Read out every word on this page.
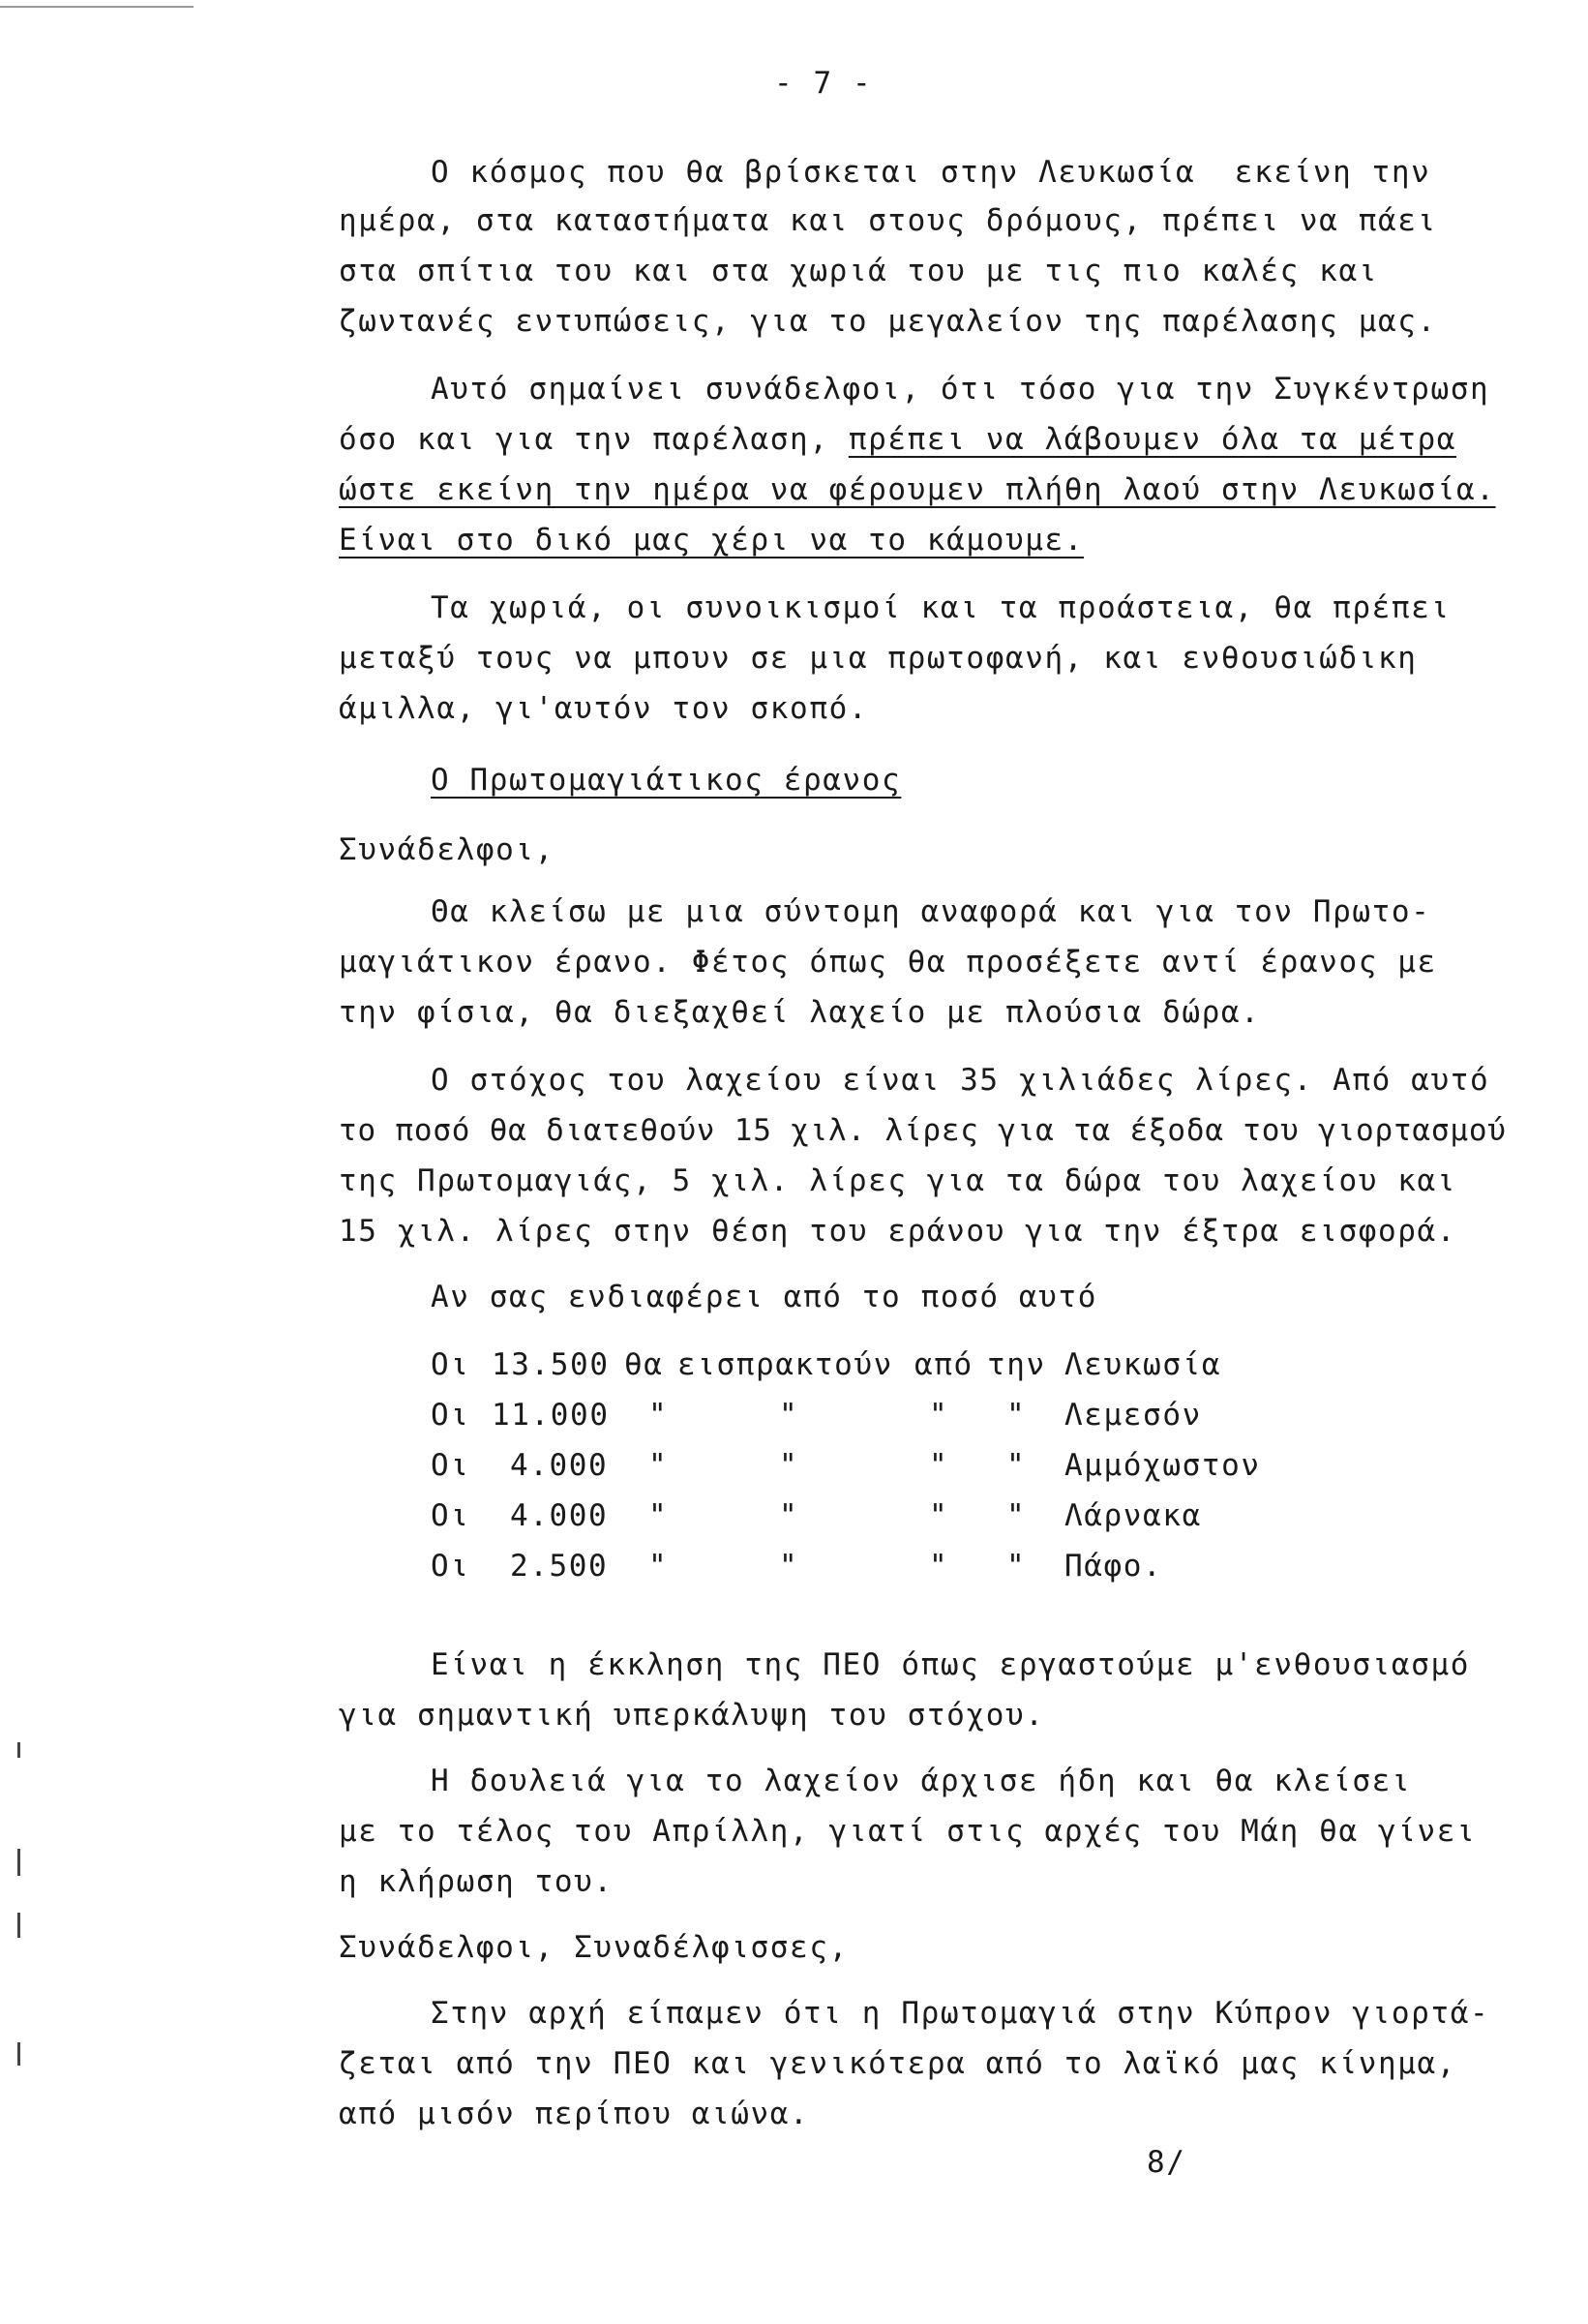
- 7 -
Ο κόσμος που θα βρίσκεται στην Λευκωσία  εκείνη την
ημέρα, στα καταστήματα και στους δρόμους, πρέπει να πάει
στα σπίτια του και στα χωριά του με τις πιο καλές και
ζωντανές εντυπώσεις, για το μεγαλείον της παρέλασης μας.
Αυτό σημαίνει συνάδελφοι, ότι τόσο για την Συγκέντρωση
όσο και για την παρέλαση, πρέπει να λάβουμεν όλα τα μέτρα
ώστε εκείνη την ημέρα να φέρουμεν πλήθη λαού στην Λευκωσία.
Είναι στο δικό μας χέρι να το κάμουμε.
Τα χωριά, οι συνοικισμοί και τα προάστεια, θα πρέπει
μεταξύ τους να μπουν σε μια πρωτοφανή, και ενθουσιώδικη
άμιλλα, γι'αυτόν τον σκοπό.
Ο Πρωτομαγιάτικος έρανος
Συνάδελφοι,
Θα κλείσω με μια σύντομη αναφορά και για τον Πρωτο-
μαγιάτικον έρανο. Φέτος όπως θα προσέξετε αντί έρανος με
την φίσια, θα διεξαχθεί λαχείο με πλούσια δώρα.
Ο στόχος του λαχείου είναι 35 χιλιάδες λίρες. Από αυτό
το ποσό θα διατεθούν 15 χιλ. λίρες για τα έξοδα του γιορτασμού
της Πρωτομαγιάς, 5 χιλ. λίρες για τα δώρα του λαχείου και
15 χιλ. λίρες στην θέση του εράνου για την έξτρα εισφορά.
Αν σας ενδιαφέρει από το ποσό αυτό
Οι 13.500 θα εισπρακτούν από την Λευκωσία
Οι 11.000 "	"	" " Λεμεσόν
Οι 4.000 "	"	" " Αμμόχωστον
Οι 4.000 "	"	" " Λάρνακα
Οι 2.500 "	"	" " Πάφο.
Είναι η έκκληση της ΠΕΟ όπως εργαστούμε μ'ενθουσιασμό
για σημαντική υπερκάλυψη του στόχου.
Η δουλειά για το λαχείον άρχισε ήδη και θα κλείσει
με το τέλος του Απρίλλη, γιατί στις αρχές του Μάη θα γίνει
η κλήρωση του.
Συνάδελφοι, Συναδέλφισσες,
Στην αρχή είπαμεν ότι η Πρωτομαγιά στην Κύπρον γιορτά-
ζεται από την ΠΕΟ και γενικότερα από το λαϊκό μας κίνημα,
από μισόν περίπου αιώνα.
8/
